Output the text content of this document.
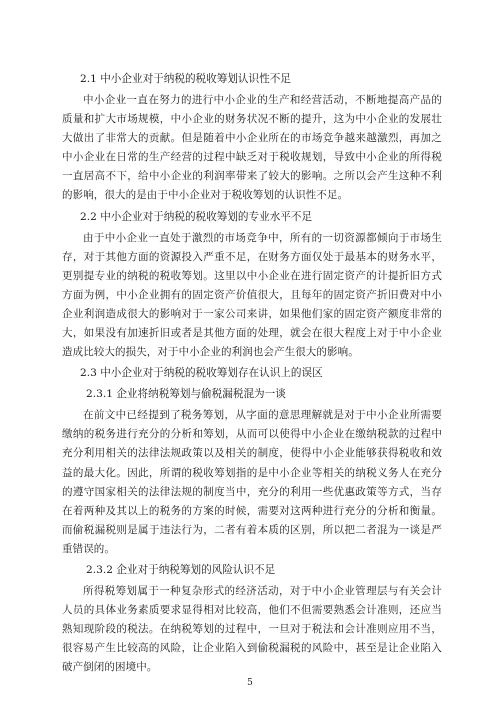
2.1 中小企业对于纳税的税收筹划认识性不足

中小企业一直在努力的进行中小企业的生产和经营活动，不断地提高产品的质量和扩大市场规模，中小企业的财务状况不断的提升，这为中小企业的发展壮大做出了非常大的贡献。但是随着中小企业所在的市场竞争越来越激烈，再加之中小企业在日常的生产经营的过程中缺乏对于税收规划，导致中小企业的所得税一直居高不下，给中小企业的利润率带来了较大的影响。之所以会产生这种不利的影响，很大的是由于中小企业对于税收筹划的认识性不足。

2.2 中小企业对于纳税的税收筹划的专业水平不足

由于中小企业一直处于激烈的市场竞争中，所有的一切资源都倾向于市场生存，对于其他方面的资源投入严重不足，在财务方面仅处于最基本的财务水平，更别提专业的纳税的税收筹划。这里以中小企业在进行固定资产的计提折旧方式方面为例，中小企业拥有的固定资产价值很大，且每年的固定资产折旧费对中小企业利润造成很大的影响对于一家公司来讲，如果他们家的固定资产额度非常的大，如果没有加速折旧或者是其他方面的处理，就会在很大程度上对于中小企业造成比较大的损失，对于中小企业的利润也会产生很大的影响。

2.3 中小企业对于纳税的税收筹划存在认识上的误区

2.3.1 企业将纳税筹划与偷税漏税混为一谈

在前文中已经提到了税务筹划，从字面的意思理解就是对于中小企业所需要缴纳的税务进行充分的分析和筹划，从而可以使得中小企业在缴纳税款的过程中充分利用相关的法律法规政策以及相关的制度，使得中小企业能够获得税收和效益的最大化。因此，所谓的税收筹划指的是中小企业等相关的纳税义务人在充分的遵守国家相关的法律法规的制度当中，充分的利用一些优惠政策等方式，当存在着两种及其以上的税务的方案的时候，需要对这两种进行充分的分析和衡量。而偷税漏税则是属于违法行为，二者有着本质的区别，所以把二者混为一谈是严重错误的。

2.3.2 企业对于纳税筹划的风险认识不足

所得税筹划属于一种复杂形式的经济活动，对于中小企业管理层与有关会计人员的具体业务素质要求显得相对比较高，他们不但需要熟悉会计准则，还应当熟知现阶段的税法。在纳税筹划的过程中，一旦对于税法和会计准则应用不当，很容易产生比较高的风险，让企业陷入到偷税漏税的风险中，甚至是让企业陷入破产倒闭的困境中。

5
